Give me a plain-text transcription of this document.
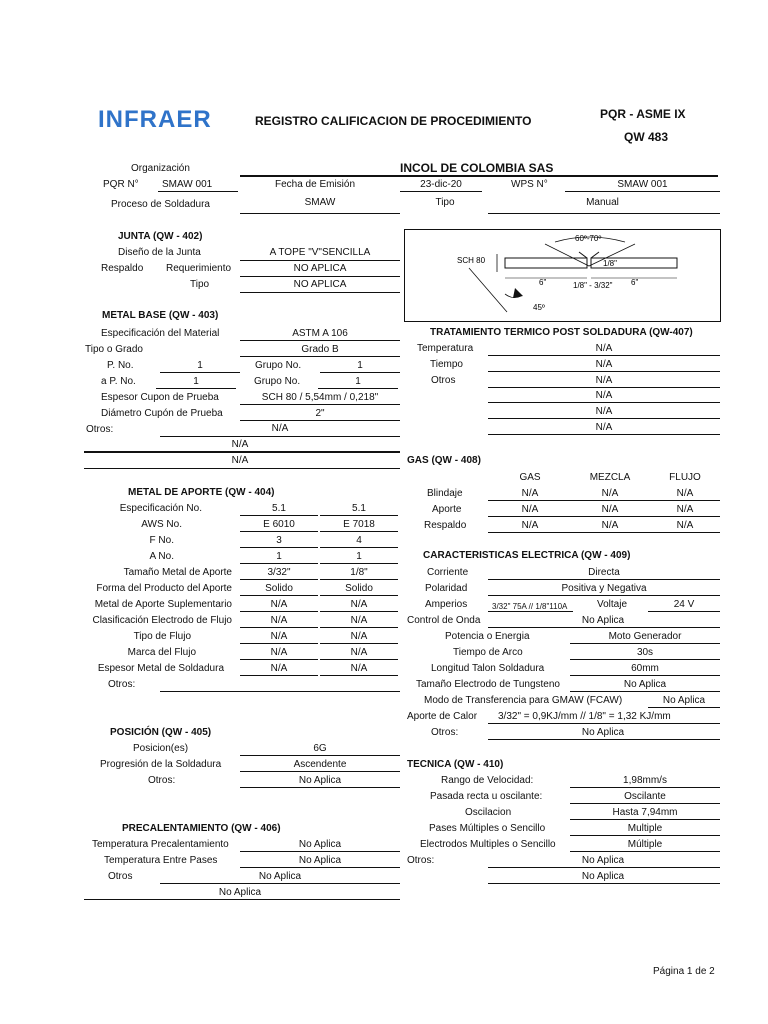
INFRAER	REGISTRO CALIFICACION DE PROCEDIMIENTO	PQR - ASME IX
QW 483
Organización	INCOL DE COLOMBIA SAS
PQR N° SMAW 001	Fecha de Emisión	23-dic-20	WPS N°	SMAW 001
Proceso de Soldadura	SMAW	Tipo	Manual
JUNTA (QW - 402)
Diseño de la Junta	A TOPE "V"SENCILLA
Respaldo Requerimiento	NO APLICA
Tipo	NO APLICA
60º-70º
SCH 80	1/8"
1/8" - 3/32"
6"	6"
45º
METAL BASE (QW - 403)
Especificación del Material	ASTM A 106
Tipo o Grado	Grado B
P. No.	1	Grupo No.	1
a P. No.	1	Grupo No.	1
Espesor Cupon de Prueba	SCH 80 / 5,54mm / 0,218"
Diámetro Cupón de Prueba	2"
Otros:	N/A
N/A
N/A
TRATAMIENTO TERMICO POST SOLDADURA (QW-407)
Temperatura	N/A
Tiempo	N/A
Otros	N/A
N/A
N/A
N/A
GAS (QW - 408)
GAS	MEZCLA	FLUJO
Blindaje	N/A	N/A	N/A
Aporte	N/A	N/A	N/A
Respaldo	N/A	N/A	N/A
METAL DE APORTE (QW - 404)
Especificación No.	5.1	5.1
AWS No.	E 6010	E 7018
F No.	3	4
A No.	1	1
Tamaño Metal de Aporte	3/32"	1/8"
Forma del Producto del Aporte	Solido	Solido
Metal de Aporte Suplementario	N/A	N/A
Clasificación Electrodo de Flujo	N/A	N/A
Tipo de Flujo	N/A	N/A
Marca del Flujo	N/A	N/A
Espesor Metal de Soldadura	N/A	N/A
Otros:
CARACTERISTICAS ELECTRICA (QW - 409)
Corriente	Directa
Polaridad	Positiva y Negativa
Amperios	3/32" 75A // 1/8"110A	Voltaje	24 V
Control de Onda	No Aplica
Potencia o Energia	Moto Generador
Tiempo de Arco	30s
Longitud Talon Soldadura	60mm
Tamaño Electrodo de Tungsteno	No Aplica
Modo de Transferencia para GMAW (FCAW)	No Aplica
Aporte de Calor 3/32" = 0,9KJ/mm // 1/8" = 1,32 KJ/mm
Otros:	No Aplica
POSICIÓN (QW - 405)
Posicion(es)	6G
Progresión de la Soldadura	Ascendente
Otros:	No Aplica
TECNICA (QW - 410)
Rango de Velocidad:	1,98mm/s
Pasada recta u oscilante:	Oscilante
Oscilacion	Hasta 7,94mm
Pases Múltiples o Sencillo	Multiple
Electrodos Multiples o Sencillo	Múltiple
Otros:	No Aplica
No Aplica
PRECALENTAMIENTO (QW - 406)
Temperatura Precalentamiento	No Aplica
Temperatura Entre Pases	No Aplica
Otros	No Aplica
No Aplica
Página 1 de 2
